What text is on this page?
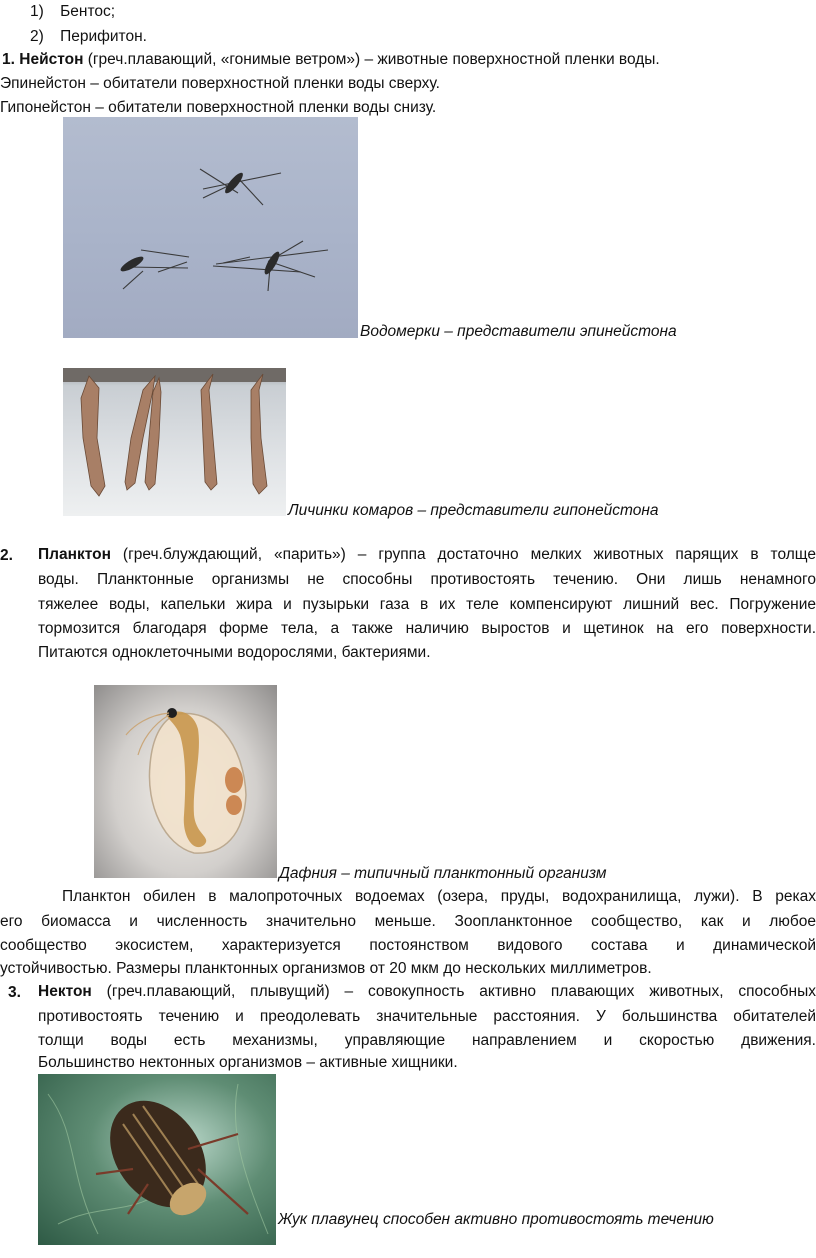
1) Бентос;
2) Перифитон.
1. Нейстон (греч.плавающий, «гонимые ветром») – животные поверхностной пленки воды.
Эпинейстон – обитатели поверхностной пленки воды сверху.
Гипонейстон – обитатели поверхностной пленки воды снизу.
Водомерки – представители эпинейстона
Личинки комаров – представители гипонейстона
2. Планктон (греч.блуждающий, «парить») – группа достаточно мелких животных парящих в толще
воды. Планктонные организмы не способны противостоять течению. Они лишь ненамного
тяжелее воды, капельки жира и пузырьки газа в их теле компенсируют лишний вес. Погружение
тормозится благодаря форме тела, а также наличию выростов и щетинок на его поверхности.
Питаются одноклеточными водорослями, бактериями.
Дафния – типичный планктонный организм
Планктон обилен в малопроточных водоемах (озера, пруды, водохранилища, лужи). В реках
его биомасса и численность значительно меньше. Зоопланктонное сообщество, как и любое
сообщество экосистем, характеризуется постоянством видового состава и динамической
устойчивостью. Размеры планктонных организмов от 20 мкм до нескольких миллиметров.
3. Нектон (греч.плавающий, плывущий) – совокупность активно плавающих животных, способных
противостоять течению и преодолевать значительные расстояния. У большинства обитателей
толщи воды есть механизмы, управляющие направлением и скоростью движения.
Большинство нектонных организмов – активные хищники.
Жук плавунец способен активно противостоять течению
